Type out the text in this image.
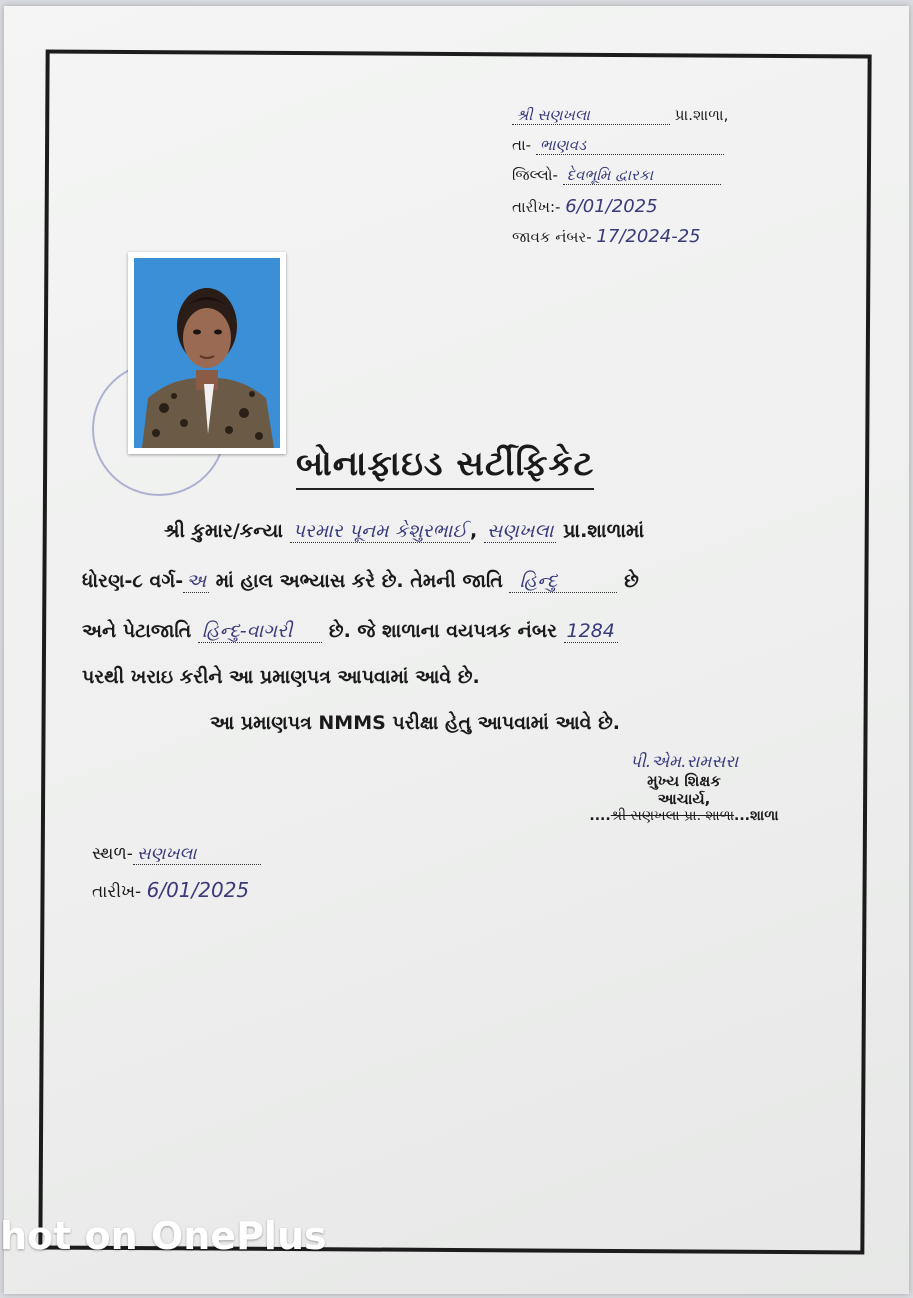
શ્રી સણખલા	પ્રા.શાળા,
તા- ભાણવડ
જિલ્લો- દેવભૂમિ દ્વારકા
તારીખ:- 6/01/2025
જાવક નંબર- 17/2024-25
બોનાફાઇડ સર્ટીફિકેટ
શ્રી કુમાર/કન્યા પરમાર પૂનમ કેશુરભાઈ , સણખલા પ્રા.શાળામાં
ધોરણ-૮ વર્ગ- અ માં હાલ અભ્યાસ કરે છે. તેમની જાતિ હિન્દુ	છે
અને પેટાજાતિ હિન્દુ-વાગરી છે. જે શાળાના વયપત્રક નંબર 1284
પરથી ખરાઇ કરીને આ પ્રમાણપત્ર આપવામાં આવે છે.
આ પ્રમાણપત્ર NMMS પરીક્ષા હેતુ આપવામાં આવે છે.
પી.એમ.રામસરા
મુખ્ય શિક્ષક
આચાર્ય,
....શ્રી સણખલા પ્રા. શાળા...શાળા
સ્થળ- સણખલા
તારીખ- 6/01/2025
hot on OnePlus
